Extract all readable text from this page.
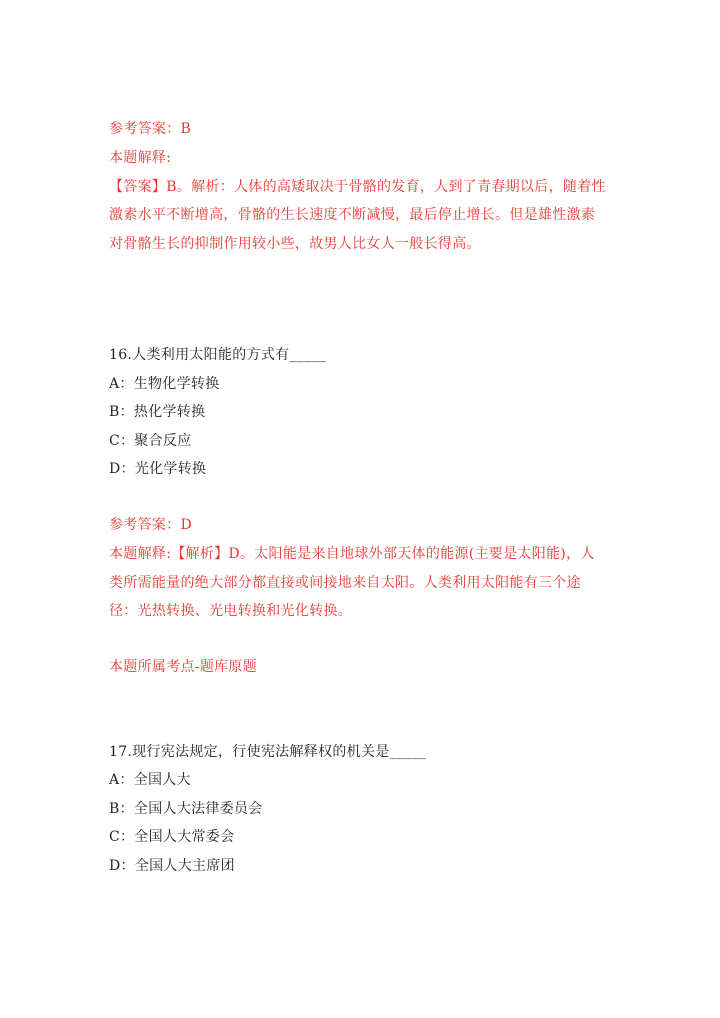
参考答案：B
本题解释:
【答案】B。解析：人体的高矮取决于骨骼的发育，人到了青春期以后，随着性
激素水平不断增高，骨骼的生长速度不断减慢，最后停止增长。但是雄性激素
对骨骼生长的抑制作用较小些，故男人比女人一般长得高。
16.人类利用太阳能的方式有_____
A：生物化学转换
B：热化学转换
C：聚合反应
D：光化学转换
参考答案：D
本题解释:【解析】D。太阳能是来自地球外部天体的能源(主要是太阳能)，人
类所需能量的绝大部分都直接或间接地来自太阳。人类利用太阳能有三个途
径：光热转换、光电转换和光化转换。
本题所属考点-题库原题
17.现行宪法规定，行使宪法解释权的机关是_____
A：全国人大
B：全国人大法律委员会
C：全国人大常委会
D：全国人大主席团
